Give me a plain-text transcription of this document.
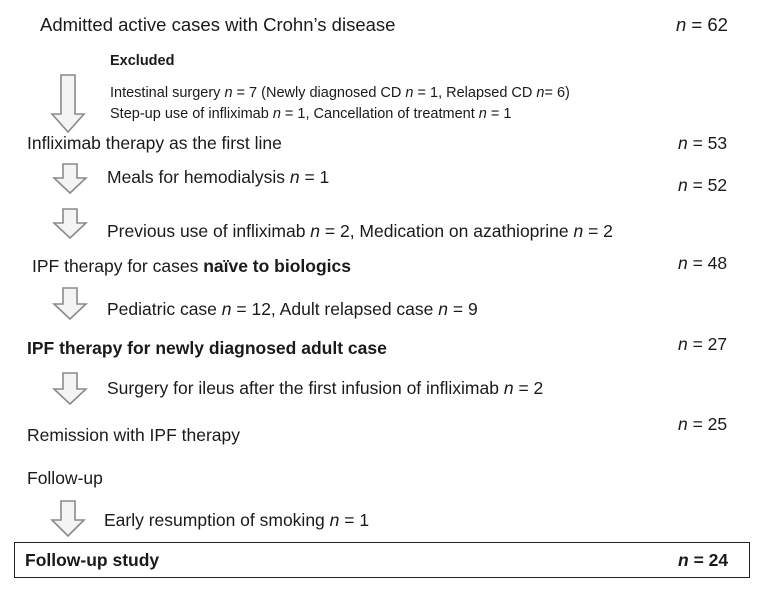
Admitted active cases with Crohn’s disease	n = 62
Excluded
Intestinal surgery n = 7 (Newly diagnosed CD n = 1, Relapsed CD n= 6)
Step-up use of infliximab n = 1, Cancellation of treatment n = 1
Infliximab therapy as the first line	n = 53
Meals for hemodialysis n = 1	n = 52
Previous use of infliximab n = 2, Medication on azathioprine n = 2
IPF therapy for cases naïve to biologics	n = 48
Pediatric case n = 12, Adult relapsed case n = 9
IPF therapy for newly diagnosed adult case	n = 27
Surgery for ileus after the first infusion of infliximab n = 2
Remission with IPF therapy
n = 25
Follow-up
Early resumption of smoking n = 1
Follow-up study	n = 24
